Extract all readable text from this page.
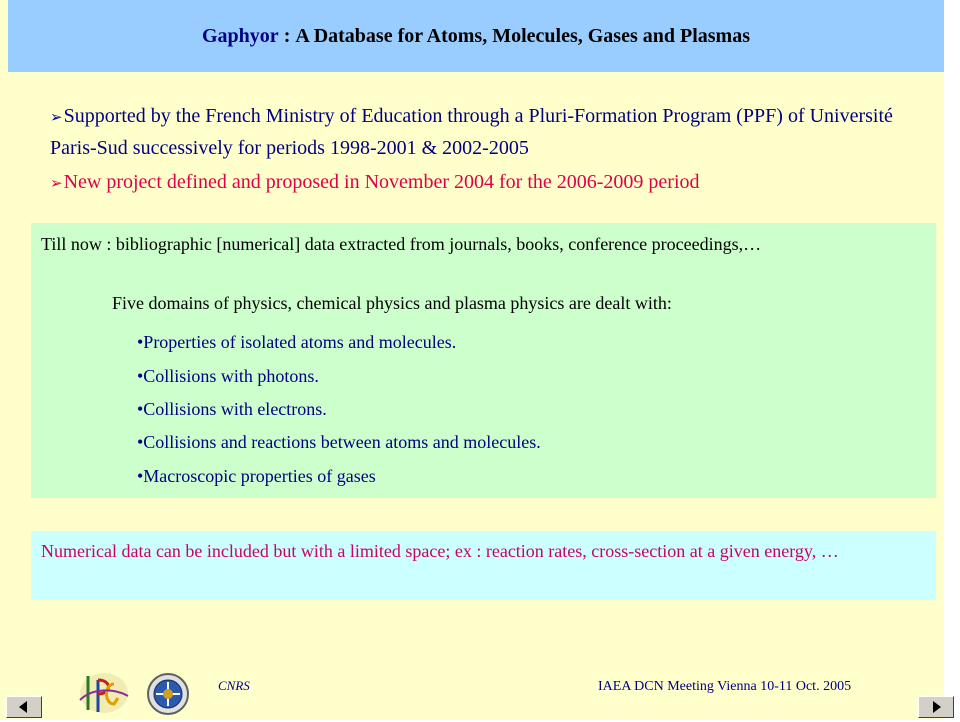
Gaphyor : A Database for Atoms, Molecules, Gases and Plasmas
➢Supported by the French Ministry of Education through a Pluri-Formation Program (PPF) of Université Paris-Sud successively for periods 1998-2001 & 2002-2005
➢New project defined and proposed in November 2004 for the 2006-2009 period
Till now : bibliographic [numerical] data extracted from journals, books, conference proceedings,…
Five domains of physics, chemical physics and plasma physics are dealt with:
•Properties of isolated atoms and molecules.
•Collisions with photons.
•Collisions with electrons.
•Collisions and reactions between atoms and molecules.
•Macroscopic properties of gases
Numerical data can be included but with a limited space; ex : reaction rates, cross-section at a given energy, …
CNRS	IAEA DCN Meeting Vienna 10-11 Oct. 2005
